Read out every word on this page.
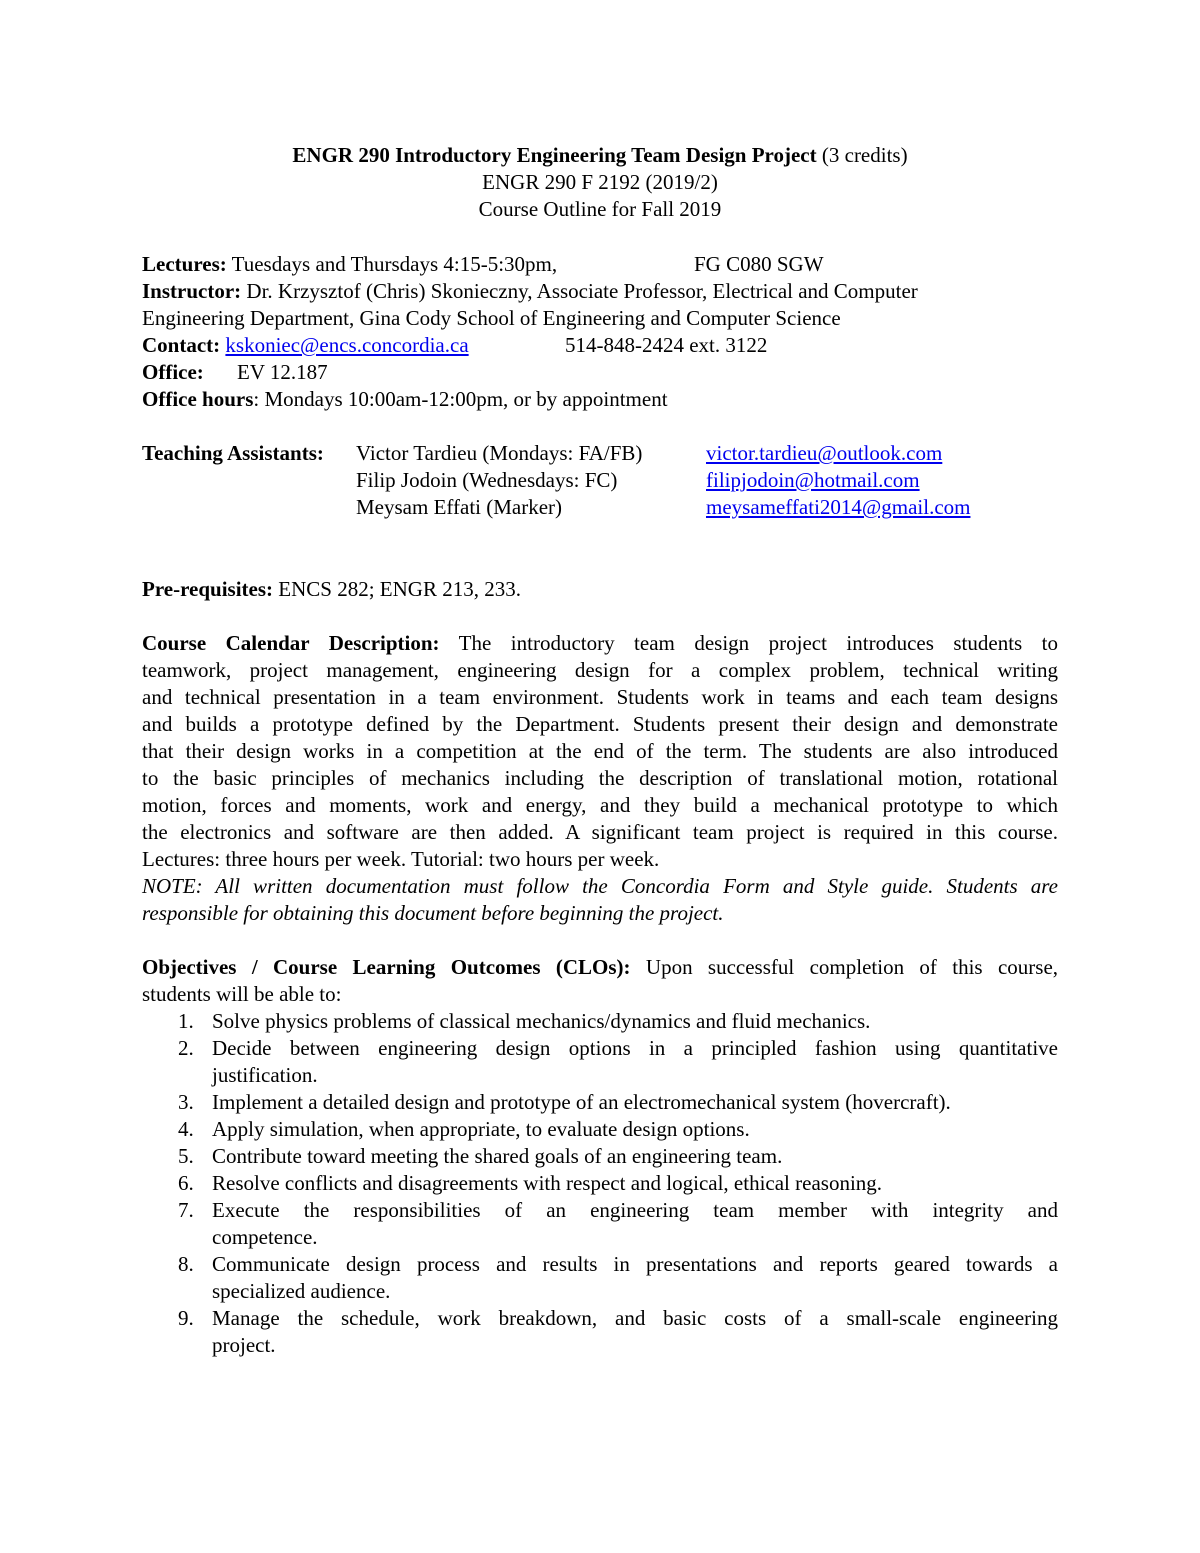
ENGR 290 Introductory Engineering Team Design Project (3 credits)
ENGR 290 F 2192 (2019/2)
Course Outline for Fall 2019
Lectures: Tuesdays and Thursdays 4:15-5:30pm,	FG C080 SGW
Instructor: Dr. Krzysztof (Chris) Skonieczny, Associate Professor, Electrical and Computer
Engineering Department, Gina Cody School of Engineering and Computer Science
Contact: kskoniec@encs.concordia.ca	514-848-2424 ext. 3122
Office: EV 12.187
Office hours: Mondays 10:00am-12:00pm, or by appointment
Teaching Assistants: Victor Tardieu (Mondays: FA/FB)	victor.tardieu@outlook.com
Filip Jodoin (Wednesdays: FC)	filipjodoin@hotmail.com
Meysam Effati (Marker)	meysameffati2014@gmail.com
Pre-requisites: ENCS 282; ENGR 213, 233.
Course Calendar Description: The introductory team design project introduces students to
teamwork, project management, engineering design for a complex problem, technical writing
and technical presentation in a team environment. Students work in teams and each team designs
and builds a prototype defined by the Department. Students present their design and demonstrate
that their design works in a competition at the end of the term. The students are also introduced
to the basic principles of mechanics including the description of translational motion, rotational
motion, forces and moments, work and energy, and they build a mechanical prototype to which
the electronics and software are then added. A significant team project is required in this course.
Lectures: three hours per week. Tutorial: two hours per week.
NOTE: All written documentation must follow the Concordia Form and Style guide. Students are
responsible for obtaining this document before beginning the project.
Objectives / Course Learning Outcomes (CLOs): Upon successful completion of this course,
students will be able to:
1. Solve physics problems of classical mechanics/dynamics and fluid mechanics.
2. Decide between engineering design options in a principled fashion using quantitative
justification.
3. Implement a detailed design and prototype of an electromechanical system (hovercraft).
4. Apply simulation, when appropriate, to evaluate design options.
5. Contribute toward meeting the shared goals of an engineering team.
6. Resolve conflicts and disagreements with respect and logical, ethical reasoning.
7. Execute the responsibilities of an engineering team member with integrity and
competence.
8. Communicate design process and results in presentations and reports geared towards a
specialized audience.
9. Manage the schedule, work breakdown, and basic costs of a small-scale engineering
project.
